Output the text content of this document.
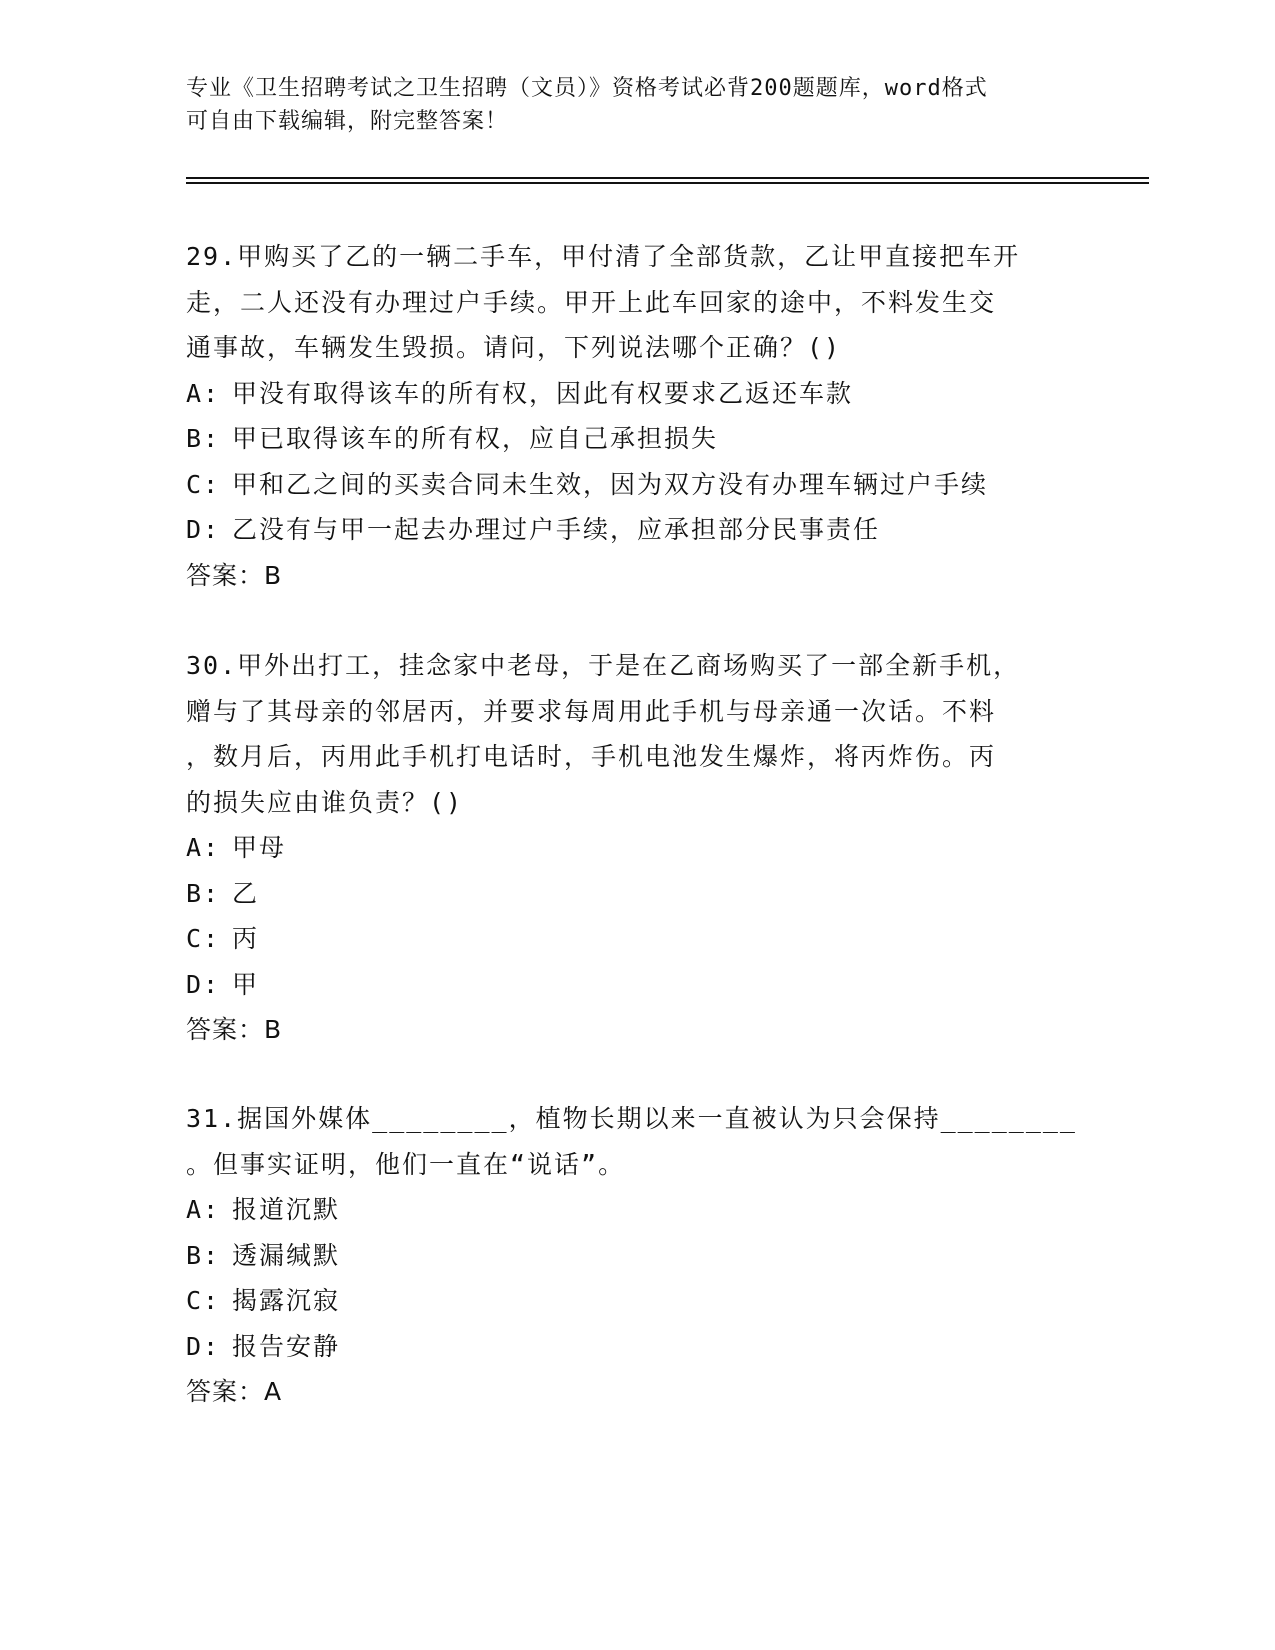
专业《卫生招聘考试之卫生招聘（文员）》资格考试必背200题题库，word格式
可自由下载编辑，附完整答案！
29.甲购买了乙的一辆二手车，甲付清了全部货款，乙让甲直接把车开
走，二人还没有办理过户手续。甲开上此车回家的途中，不料发生交
通事故，车辆发生毁损。请问，下列说法哪个正确？()
A: 甲没有取得该车的所有权，因此有权要求乙返还车款
B: 甲已取得该车的所有权，应自己承担损失
C: 甲和乙之间的买卖合同未生效，因为双方没有办理车辆过户手续
D: 乙没有与甲一起去办理过户手续，应承担部分民事责任
答案：B
30.甲外出打工，挂念家中老母，于是在乙商场购买了一部全新手机，
赠与了其母亲的邻居丙，并要求每周用此手机与母亲通一次话。不料
，数月后，丙用此手机打电话时，手机电池发生爆炸，将丙炸伤。丙
的损失应由谁负责？()
A: 甲母
B: 乙
C: 丙
D: 甲
答案：B
31.据国外媒体________，植物长期以来一直被认为只会保持________
。但事实证明，他们一直在“说话”。
A: 报道沉默
B: 透漏缄默
C: 揭露沉寂
D: 报告安静
答案：A
